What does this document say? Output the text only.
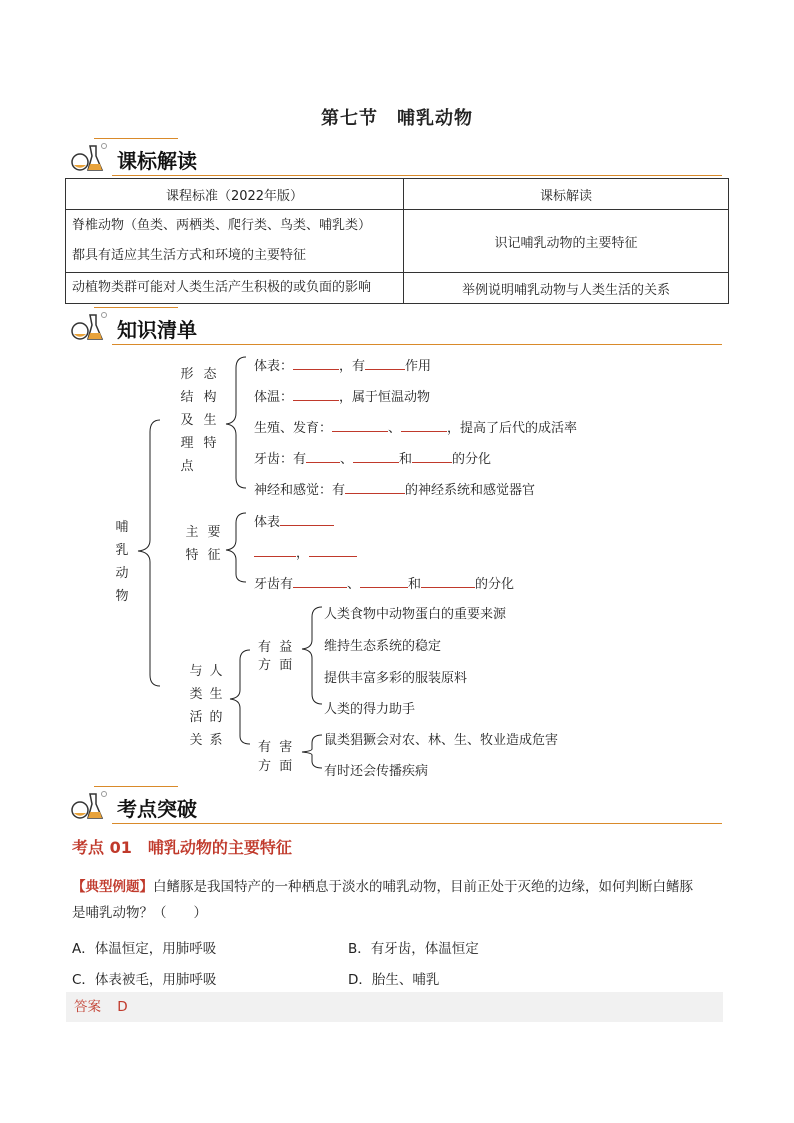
第七节　哺乳动物
课标解读
课程标准（2022年版）	课标解读

脊椎动物（鱼类、两栖类、爬行类、鸟类、哺乳类）
都具有适应其生活方式和环境的主要特征	识记哺乳动物的主要特征
动植物类群可能对人类生活产生积极的或负面的影响	举例说明哺乳动物与人类生活的关系
知识清单
哺
乳
动
物
形
结
及
理
点
态
构
生
特
体表：	，有	作用
体温：	，属于恒温动物
生殖、发育：	、	，提高了后代的成活率
牙齿：有	、	和	的分化
神经和感觉：有	的神经系统和感觉器官
主
特
要
征
体表
，
牙齿有	、	和	的分化
与
类
活
关
人
生
的
系
有  益
方  面
人类食物中动物蛋白的重要来源
维持生态系统的稳定
提供丰富多彩的服装原料
人类的得力助手
有  害
方  面
鼠类猖獗会对农、林、生、牧业造成危害
有时还会传播疾病
考点突破
考点 01　哺乳动物的主要特征
【典型例题】白鳍豚是我国特产的一种栖息于淡水的哺乳动物，目前正处于灭绝的边缘，如何判断白鳍豚
是哺乳动物？（　　）
A．体温恒定，用肺呼吸	B．有牙齿，体温恒定
C．体表被毛，用肺呼吸	D．胎生、哺乳
答案 D
